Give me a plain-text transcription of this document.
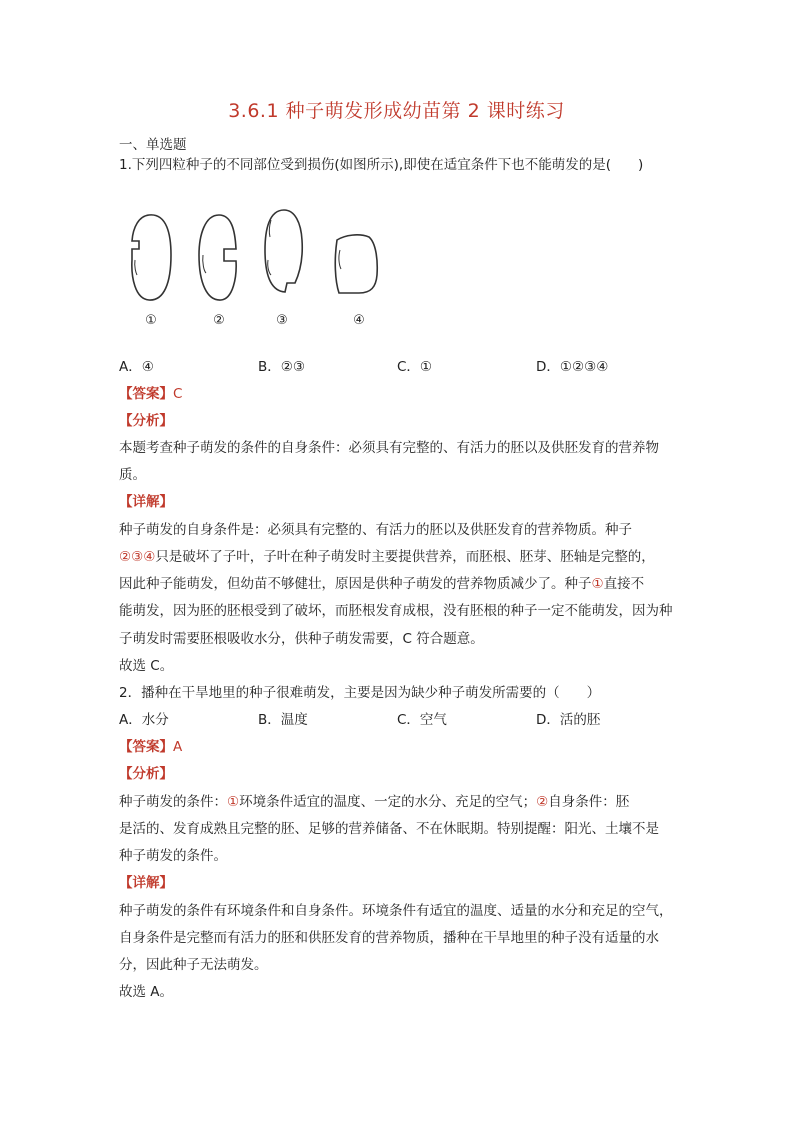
3.6.1 种子萌发形成幼苗第 2 课时练习
一、单选题
1.下列四粒种子的不同部位受到损伤(如图所示),即使在适宜条件下也不能萌发的是(　　)
①	②	③	④
A．④	B．②③	C．①	D．①②③④
【答案】C
【分析】
本题考查种子萌发的条件的自身条件：必须具有完整的、有活力的胚以及供胚发育的营养物
质。
【详解】
种子萌发的自身条件是：必须具有完整的、有活力的胚以及供胚发育的营养物质。种子
②③④只是破坏了子叶，子叶在种子萌发时主要提供营养，而胚根、胚芽、胚轴是完整的，
因此种子能萌发，但幼苗不够健壮，原因是供种子萌发的营养物质减少了。种子①直接不
能萌发，因为胚的胚根受到了破坏，而胚根发育成根，没有胚根的种子一定不能萌发，因为种
子萌发时需要胚根吸收水分，供种子萌发需要，C 符合题意。
故选 C。
2．播种在干旱地里的种子很难萌发，主要是因为缺少种子萌发所需要的（　　）
A．水分	B．温度	C．空气	D．活的胚
【答案】A
【分析】
种子萌发的条件：①环境条件适宜的温度、一定的水分、充足的空气；②自身条件：胚
是活的、发育成熟且完整的胚、足够的营养储备、不在休眠期。特别提醒：阳光、土壤不是
种子萌发的条件。
【详解】
种子萌发的条件有环境条件和自身条件。环境条件有适宜的温度、适量的水分和充足的空气，
自身条件是完整而有活力的胚和供胚发育的营养物质，播种在干旱地里的种子没有适量的水
分，因此种子无法萌发。
故选 A。
